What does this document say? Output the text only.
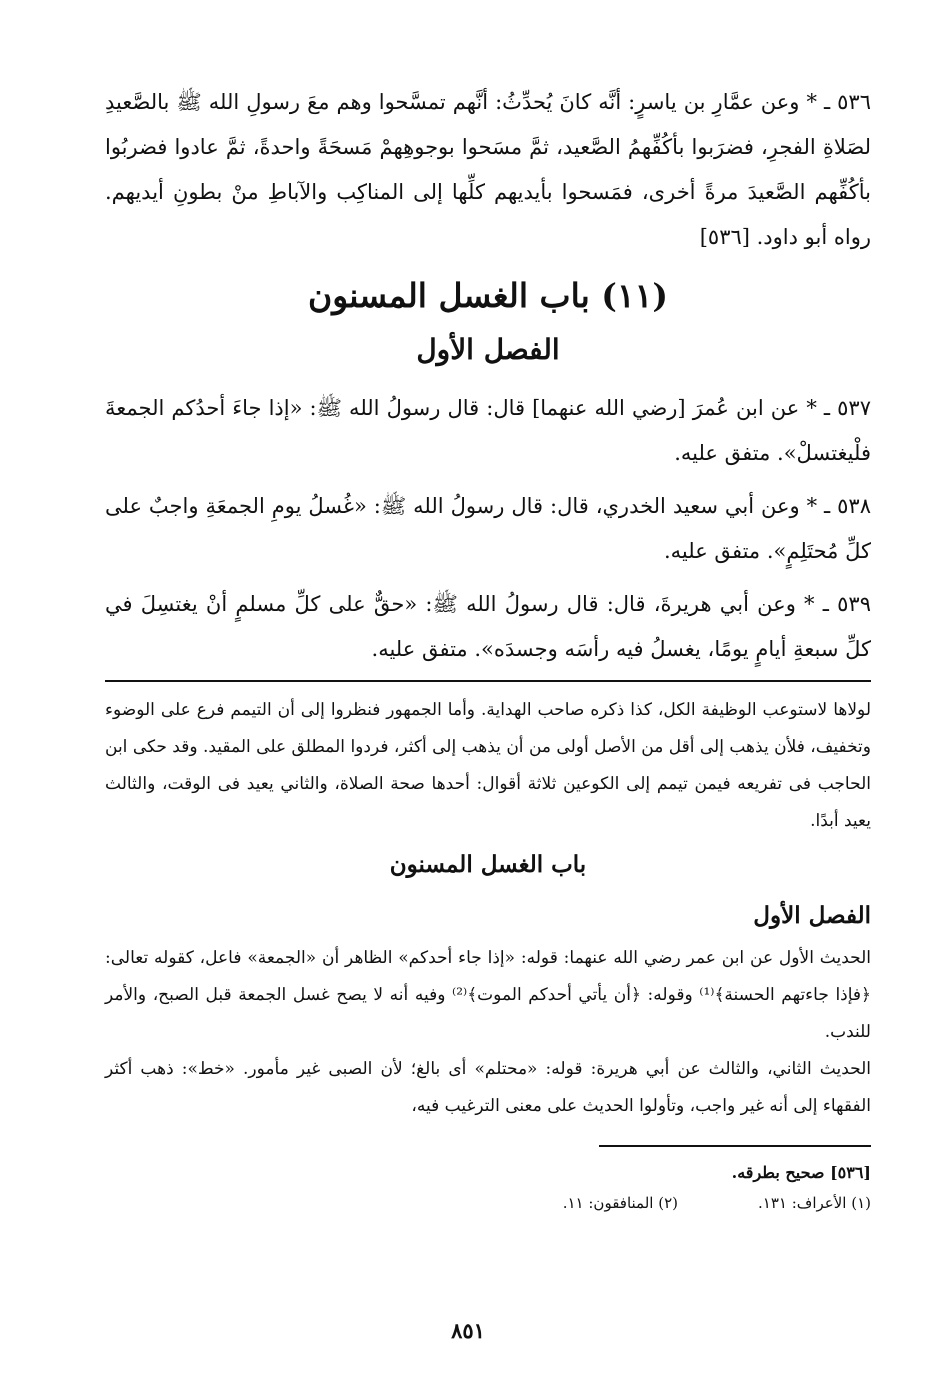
٥٣٦ ـ * وعن عمَّارِ بن ياسرٍ: أنَّه كانَ يُحدِّثُ: أنَّهم تمسَّحوا وهم معَ رسولِ الله ﷺ بالصَّعيدِ لصَلاةِ الفجرِ، فضرَبوا بأكُفِّهمُ الصَّعيد، ثمَّ مسَحوا بوجوهِهمْ مَسحَةً واحدةً، ثمَّ عادوا فضربُوا بأكُفِّهم الصَّعيدَ مرةً أخرى، فمَسحوا بأيديهم كلِّها إلى المناكِب والآباطِ منْ بطونِ أيديهم. رواه أبو داود. [٥٣٦]

(١١) باب الغسل المسنون
الفصل الأول

٥٣٧ ـ * عن ابن عُمرَ [رضي الله عنهما] قال: قال رسولُ الله ﷺ: «إذا جاءَ أحدُكم الجمعةَ فلْيغتسلْ». متفق عليه.

٥٣٨ ـ * وعن أبي سعيد الخدري، قال: قال رسولُ الله ﷺ: «غُسلُ يومِ الجمعَةِ واجبٌ على كلِّ مُحتَلِمٍ». متفق عليه.

٥٣٩ ـ * وعن أبي هريرةَ، قال: قال رسولُ الله ﷺ: «حقٌّ على كلِّ مسلمٍ أنْ يغتسِلَ في كلِّ سبعةِ أيامٍ يومًا، يغسلُ فيه رأسَه وجسدَه». متفق عليه.

لولاها لاستوعب الوظيفة الكل، كذا ذكره صاحب الهداية. وأما الجمهور فنظروا إلى أن التيمم فرع على الوضوء وتخفيف، فلأن يذهب إلى أقل من الأصل أولى من أن يذهب إلى أكثر، فردوا المطلق على المقيد. وقد حكى ابن الحاجب فى تفريعه فيمن تيمم إلى الكوعين ثلاثة أقوال: أحدها صحة الصلاة، والثاني يعيد فى الوقت، والثالث يعيد أبدًا.

باب الغسل المسنون
الفصل الأول

الحديث الأول عن ابن عمر رضي الله عنهما: قوله: «إذا جاء أحدكم» الظاهر أن «الجمعة» فاعل، كقوله تعالى: ﴿فإذا جاءتهم الحسنة﴾⁽¹⁾ وقوله: ﴿أن يأتي أحدكم الموت﴾⁽²⁾ وفيه أنه لا يصح غسل الجمعة قبل الصبح، والأمر للندب.

الحديث الثاني، والثالث عن أبي هريرة: قوله: «محتلم» أى بالغ؛ لأن الصبى غير مأمور. «خط»: ذهب أكثر الفقهاء إلى أنه غير واجب، وتأولوا الحديث على معنى الترغيب فيه،

[٥٣٦] صحيح بطرقه.

(١) الأعراف: ١٣١.
(٢) المنافقون: ١١.
٨٥١
